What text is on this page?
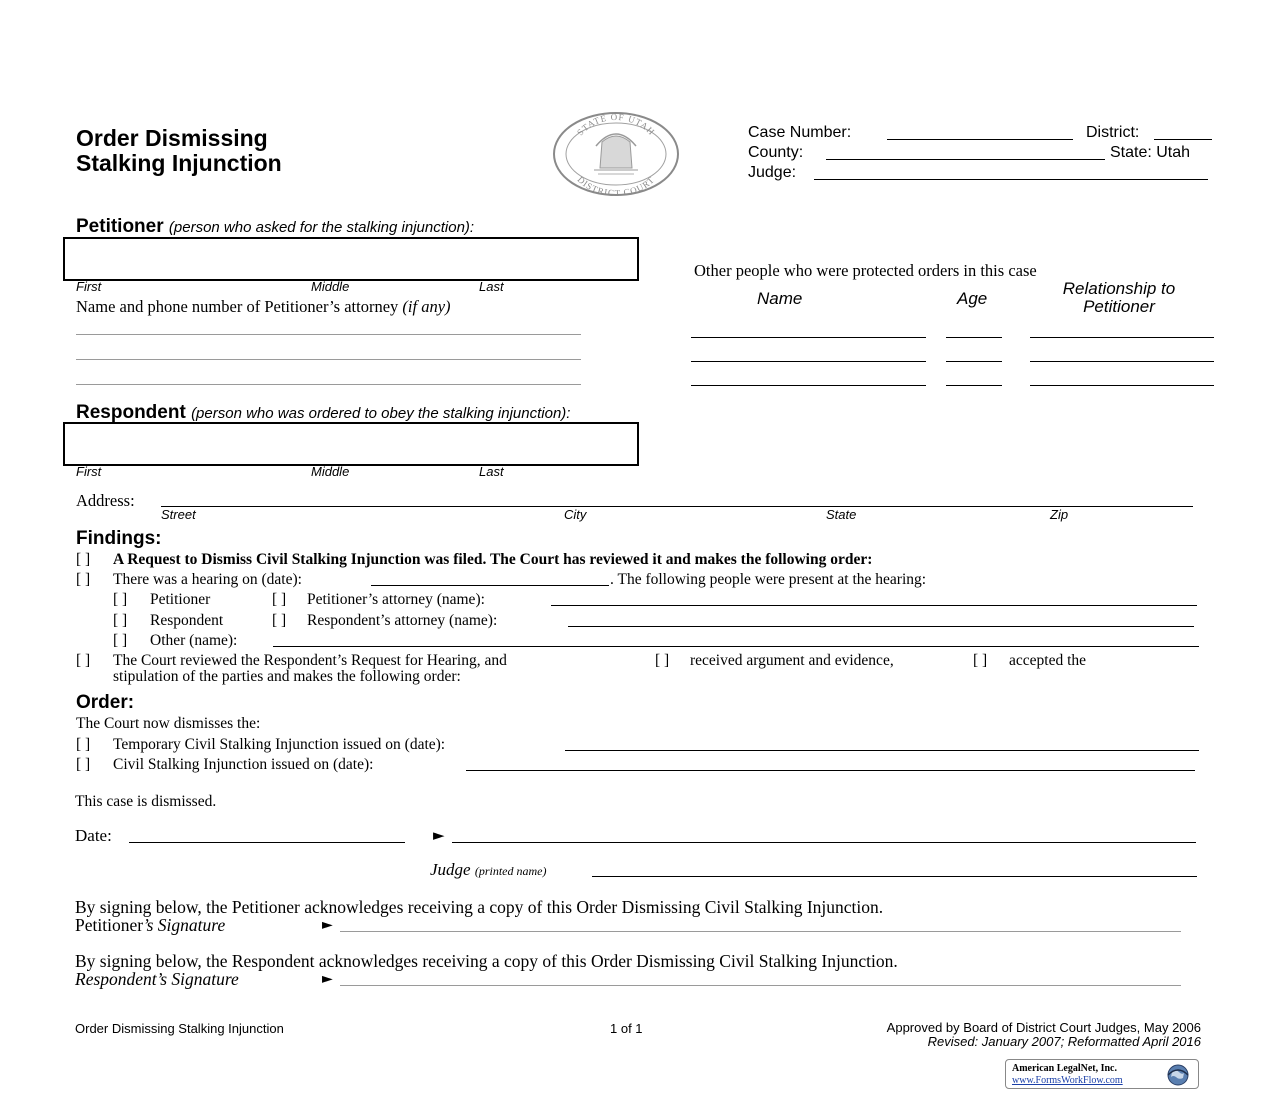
Order Dismissing
Stalking Injunction
STATE OF UTAH
DISTRICT COURT
Case Number:	District:
County:	State: Utah
Judge:
Petitioner (person who asked for the stalking injunction):
First	Middle	Last
Name and phone number of Petitioner’s attorney (if any)
Other people who were protected orders in this case
Name	Age
Relationship to
Petitioner
Respondent (person who was ordered to obey the stalking injunction):
First	Middle	Last
Address:
Street	City	State	Zip
Findings:
[ ] A Request to Dismiss Civil Stalking Injunction was filed. The Court has reviewed it and makes the following order:
[ ] There was a hearing on (date):	. The following people were present at the hearing:
[ ] Petitioner	[ ] Petitioner’s attorney (name):
[ ] Respondent	[ ] Respondent’s attorney (name):
[ ] Other (name):
[ ] The Court reviewed the Respondent’s Request for Hearing, and	[ ] received argument and evidence,	[ ] accepted the
stipulation of the parties and makes the following order:
Order:
The Court now dismisses the:
[ ] Temporary Civil Stalking Injunction issued on (date):
[ ] Civil Stalking Injunction issued on (date):
This case is dismissed.
Date:	►
Judge (printed name)
By signing below, the Petitioner acknowledges receiving a copy of this Order Dismissing Civil Stalking Injunction.
Petitioner’s Signature	►
By signing below, the Respondent acknowledges receiving a copy of this Order Dismissing Civil Stalking Injunction.
Respondent’s Signature	►
Order Dismissing Stalking Injunction	1 of 1	Approved by Board of District Court Judges, May 2006
Revised: January 2007; Reformatted April 2016
American LegalNet, Inc.
www.FormsWorkFlow.com
